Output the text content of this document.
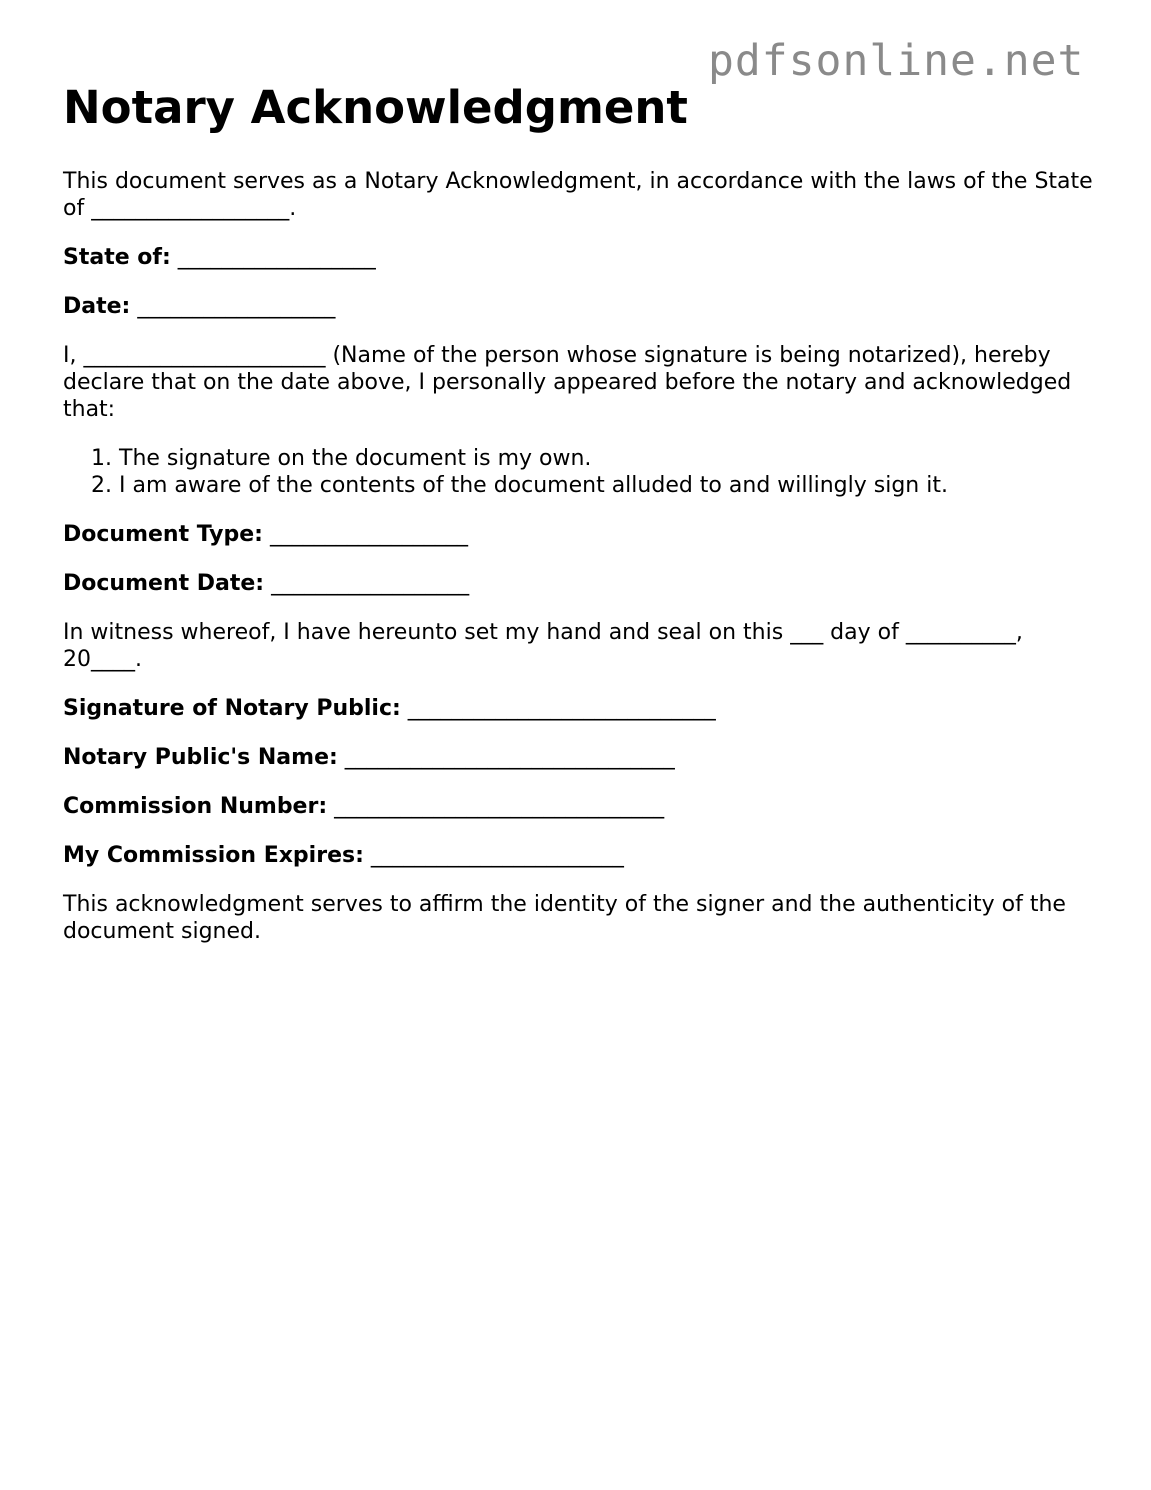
pdfsonline.net
Notary Acknowledgment

This document serves as a Notary Acknowledgment, in accordance with the laws of the State of __________________.

State of: __________________

Date: __________________

I, ______________________ (Name of the person whose signature is being notarized), hereby declare that on the date above, I personally appeared before the notary and acknowledged that:

1. The signature on the document is my own.
2. I am aware of the contents of the document alluded to and willingly sign it.

Document Type: __________________

Document Date: __________________

In witness whereof, I have hereunto set my hand and seal on this ___ day of __________, 20____.

Signature of Notary Public: ____________________________

Notary Public's Name: ______________________________

Commission Number: ______________________________

My Commission Expires: _______________________

This acknowledgment serves to affirm the identity of the signer and the authenticity of the document signed.
